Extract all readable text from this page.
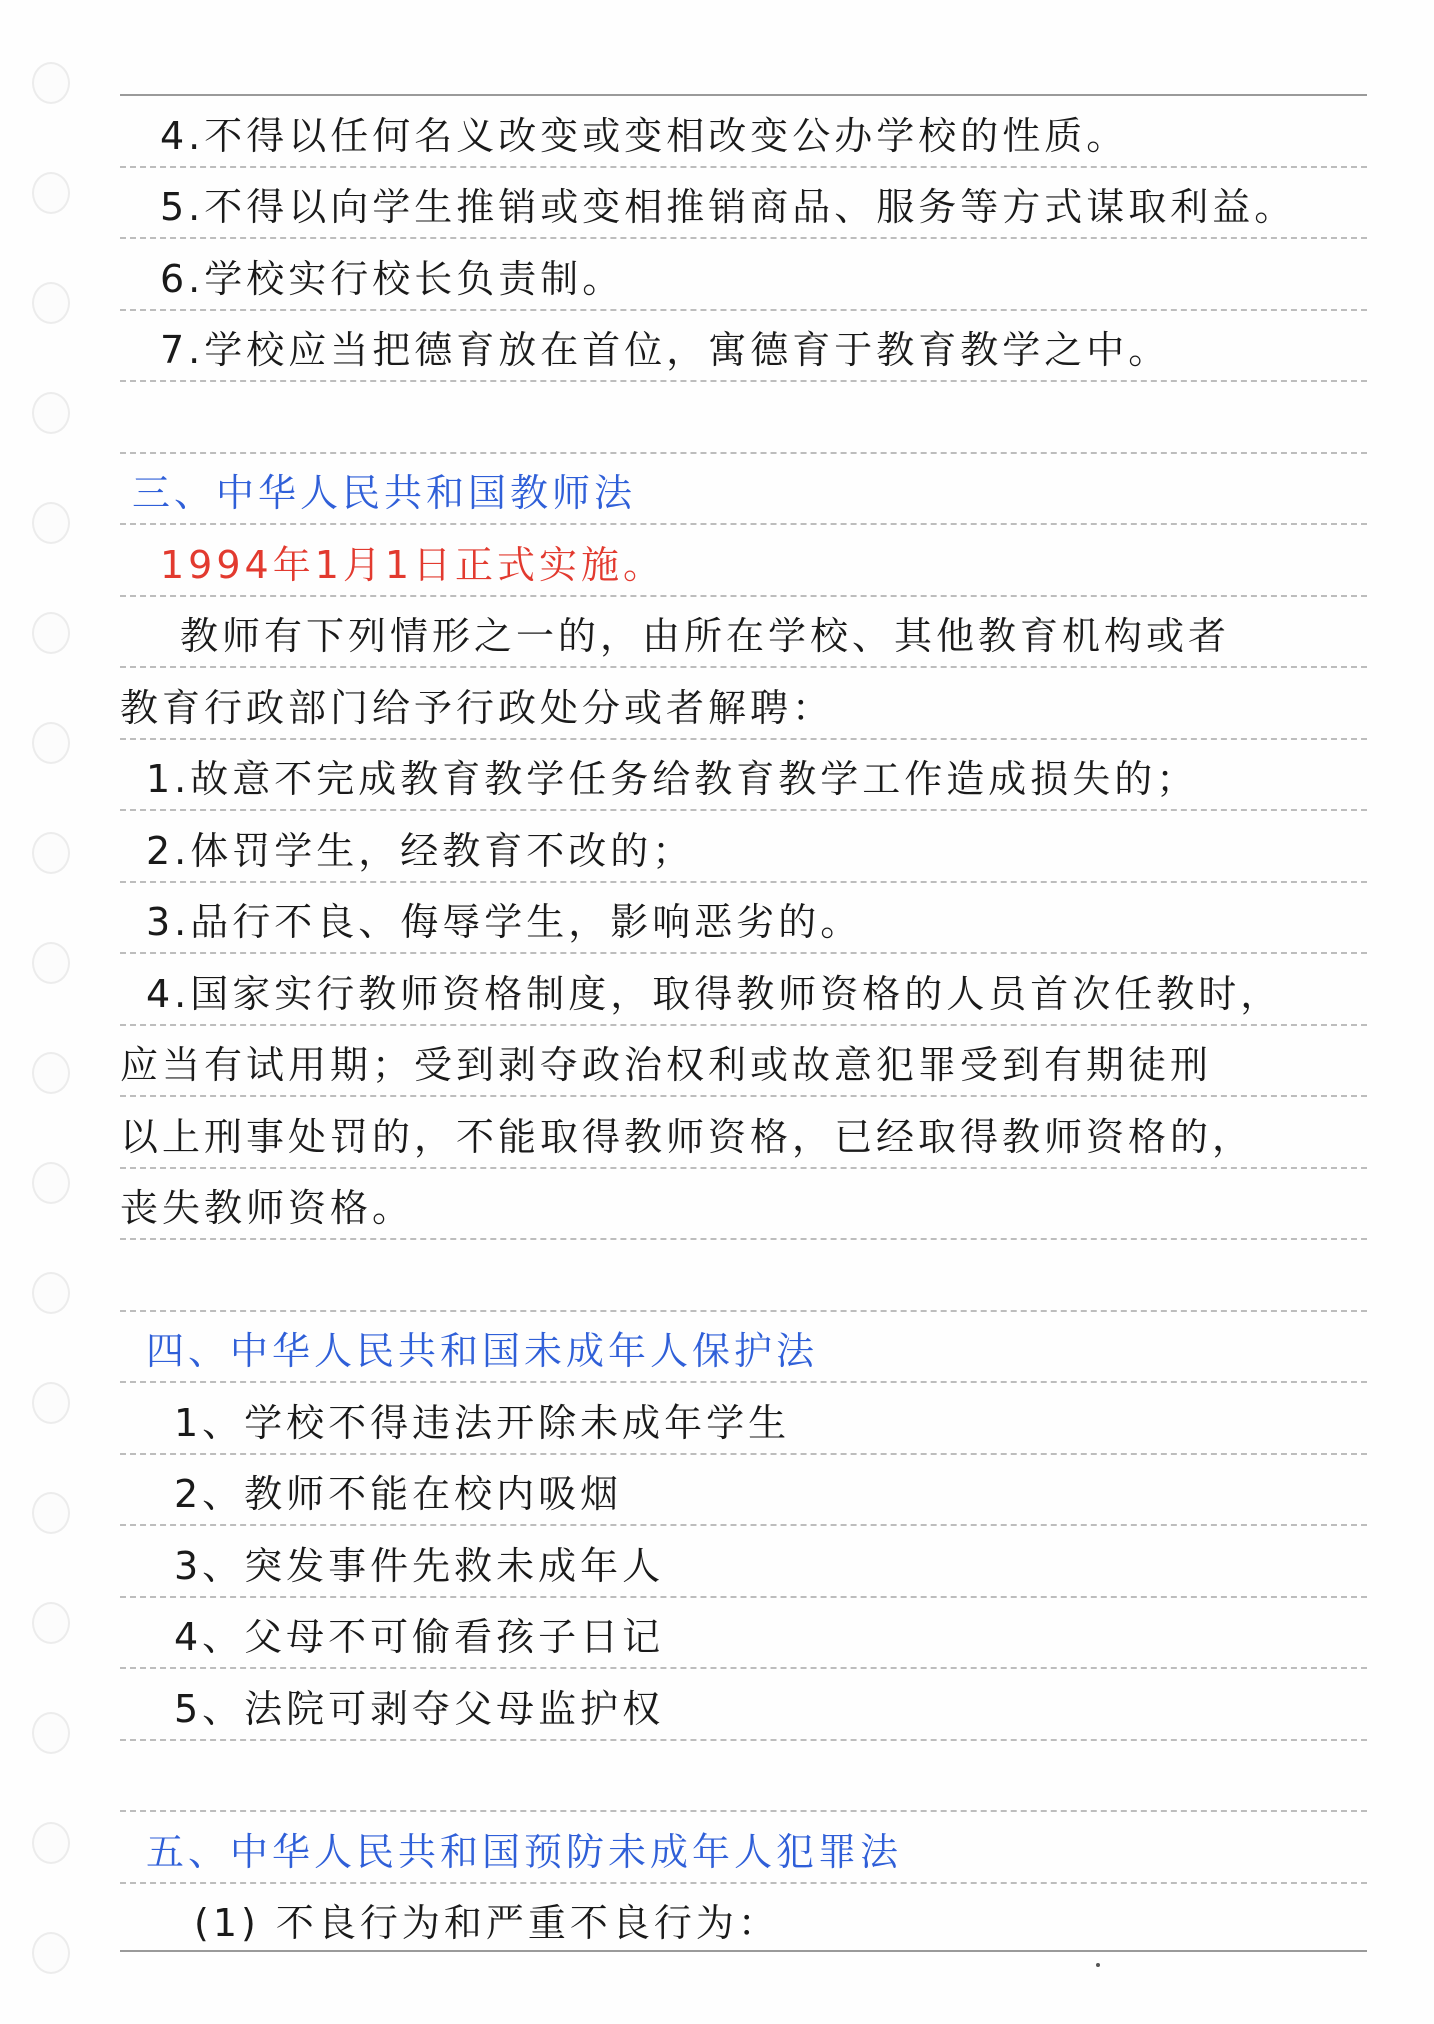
4.不得以任何名义改变或变相改变公办学校的性质。
5.不得以向学生推销或变相推销商品、服务等方式谋取利益。
6.学校实行校长负责制。
7.学校应当把德育放在首位，寓德育于教育教学之中。
三、中华人民共和国教师法
1994年1月1日正式实施。
教师有下列情形之一的，由所在学校、其他教育机构或者
教育行政部门给予行政处分或者解聘：
1.故意不完成教育教学任务给教育教学工作造成损失的；
2.体罚学生，经教育不改的；
3.品行不良、侮辱学生，影响恶劣的。
4.国家实行教师资格制度，取得教师资格的人员首次任教时，
应当有试用期；受到剥夺政治权利或故意犯罪受到有期徒刑
以上刑事处罚的，不能取得教师资格，已经取得教师资格的，
丧失教师资格。
四、中华人民共和国未成年人保护法
1、学校不得违法开除未成年学生
2、教师不能在校内吸烟
3、突发事件先救未成年人
4、父母不可偷看孩子日记
5、法院可剥夺父母监护权
五、中华人民共和国预防未成年人犯罪法
(1) 不良行为和严重不良行为：
